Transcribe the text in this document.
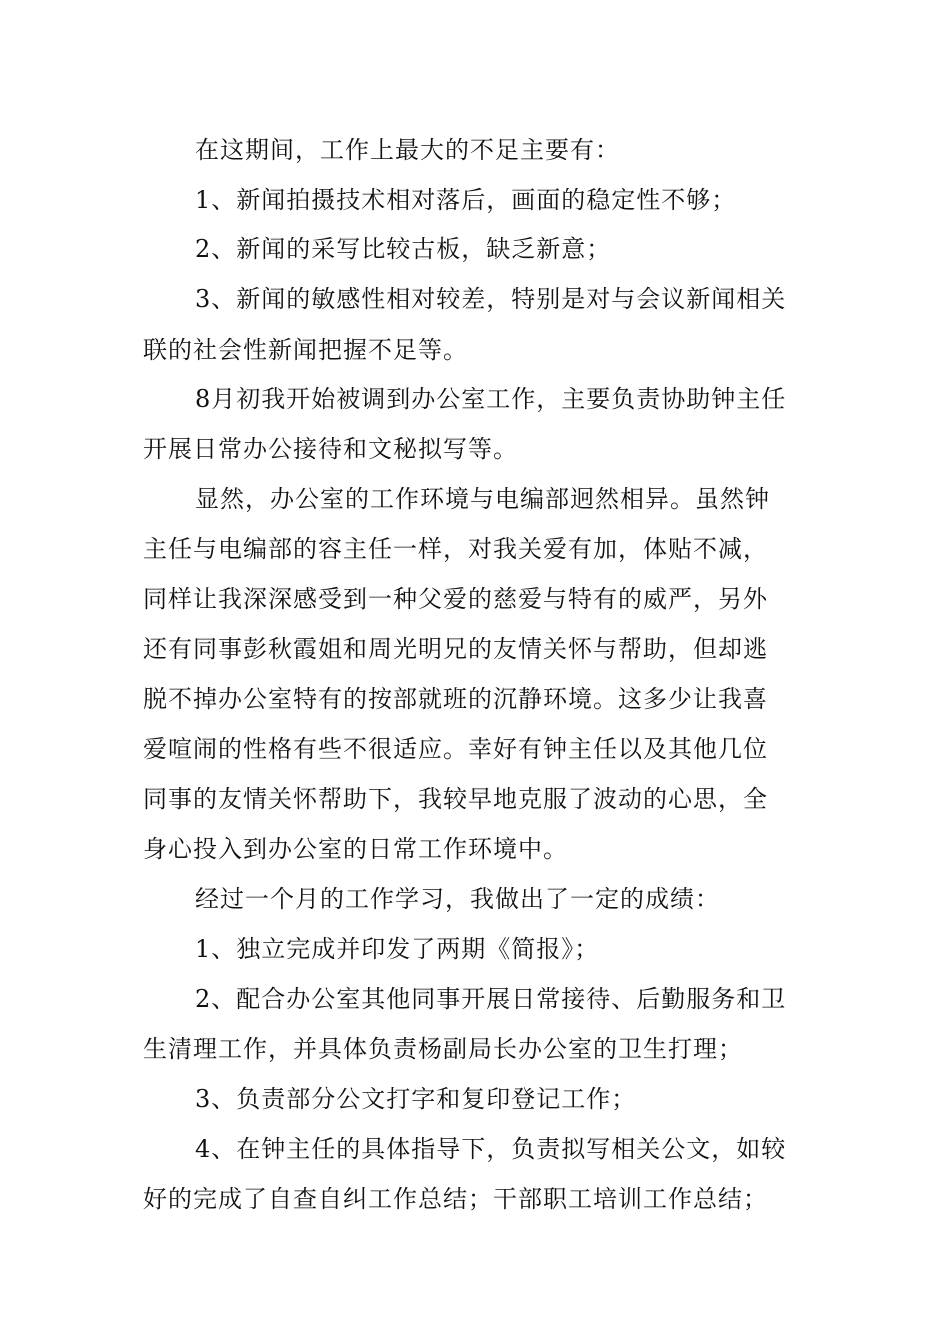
在这期间，工作上最大的不足主要有：
1、新闻拍摄技术相对落后，画面的稳定性不够；
2、新闻的采写比较古板，缺乏新意；
3、新闻的敏感性相对较差，特别是对与会议新闻相关
联的社会性新闻把握不足等。
8月初我开始被调到办公室工作，主要负责协助钟主任
开展日常办公接待和文秘拟写等。
显然，办公室的工作环境与电编部迥然相异。虽然钟
主任与电编部的容主任一样，对我关爱有加，体贴不减，
同样让我深深感受到一种父爱的慈爱与特有的威严，另外
还有同事彭秋霞姐和周光明兄的友情关怀与帮助，但却逃
脱不掉办公室特有的按部就班的沉静环境。这多少让我喜
爱喧闹的性格有些不很适应。幸好有钟主任以及其他几位
同事的友情关怀帮助下，我较早地克服了波动的心思，全
身心投入到办公室的日常工作环境中。
经过一个月的工作学习，我做出了一定的成绩：
1、独立完成并印发了两期《简报》；
2、配合办公室其他同事开展日常接待、后勤服务和卫
生清理工作，并具体负责杨副局长办公室的卫生打理；
3、负责部分公文打字和复印登记工作；
4、在钟主任的具体指导下，负责拟写相关公文，如较
好的完成了自查自纠工作总结；干部职工培训工作总结；
